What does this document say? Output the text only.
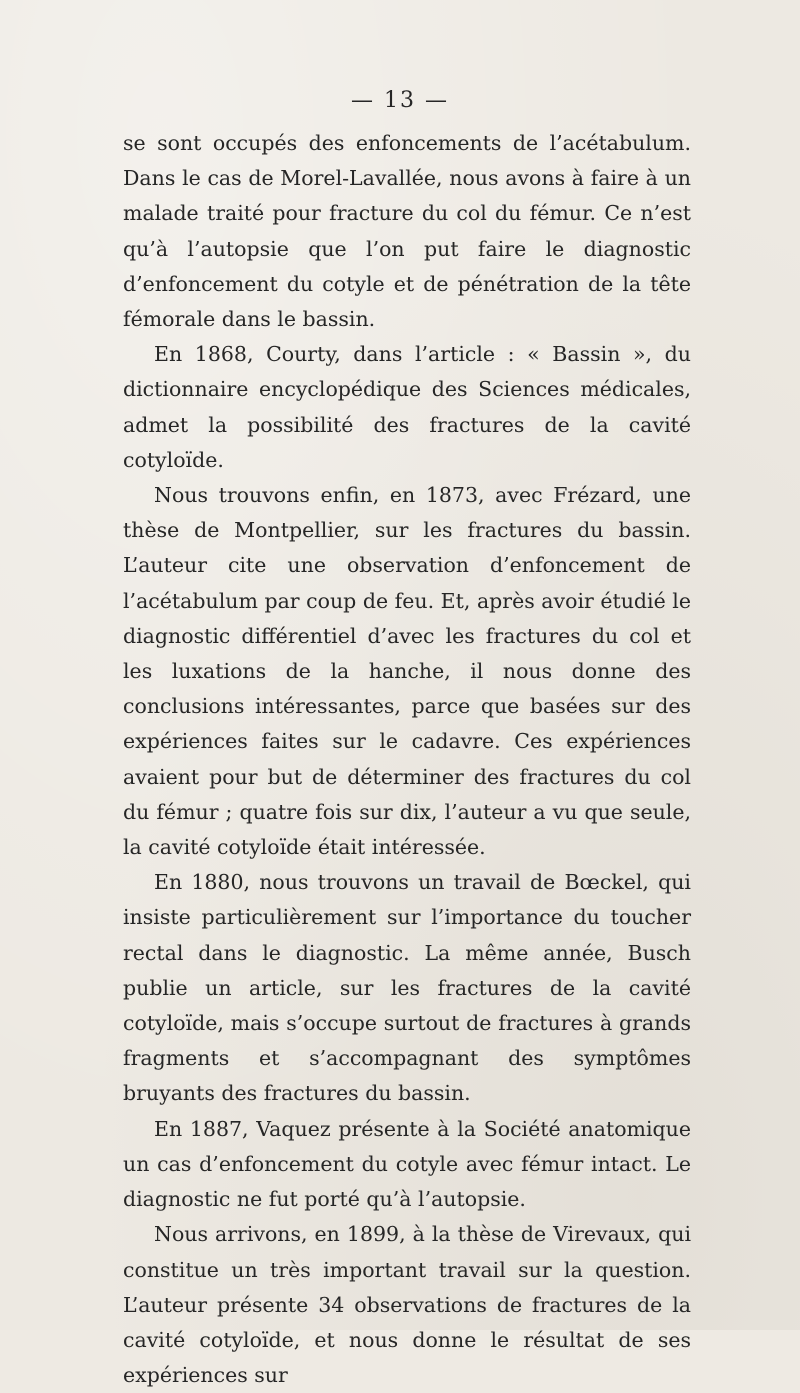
— 13 —

se sont occupés des enfoncements de l’acétabulum. Dans le cas de Morel-Lavallée, nous avons à faire à un malade traité pour fracture du col du fémur. Ce n’est qu’à l’autopsie que l’on put faire le diagnostic d’enfoncement du cotyle et de pénétration de la tête fémorale dans le bassin.

En 1868, Courty, dans l’article : « Bassin », du dictionnaire encyclopédique des Sciences médicales, admet la possibilité des fractures de la cavité cotyloïde.

Nous trouvons enfin, en 1873, avec Frézard, une thèse de Montpellier, sur les fractures du bassin. L’auteur cite une observation d’enfoncement de l’acétabulum par coup de feu. Et, après avoir étudié le diagnostic différentiel d’avec les fractures du col et les luxations de la hanche, il nous donne des conclusions intéressantes, parce que basées sur des expériences faites sur le cadavre. Ces expériences avaient pour but de déterminer des fractures du col du fémur ; quatre fois sur dix, l’auteur a vu que seule, la cavité cotyloïde était intéressée.

En 1880, nous trouvons un travail de Bœckel, qui insiste particulièrement sur l’importance du toucher rectal dans le diagnostic. La même année, Busch publie un article, sur les fractures de la cavité cotyloïde, mais s’occupe surtout de fractures à grands fragments et s’accompagnant des symptômes bruyants des fractures du bassin.

En 1887, Vaquez présente à la Société anatomique un cas d’enfoncement du cotyle avec fémur intact. Le diagnostic ne fut porté qu’à l’autopsie.

Nous arrivons, en 1899, à la thèse de Virevaux, qui constitue un très important travail sur la question. L’auteur présente 34 observations de fractures de la cavité cotyloïde, et nous donne le résultat de ses expériences sur
